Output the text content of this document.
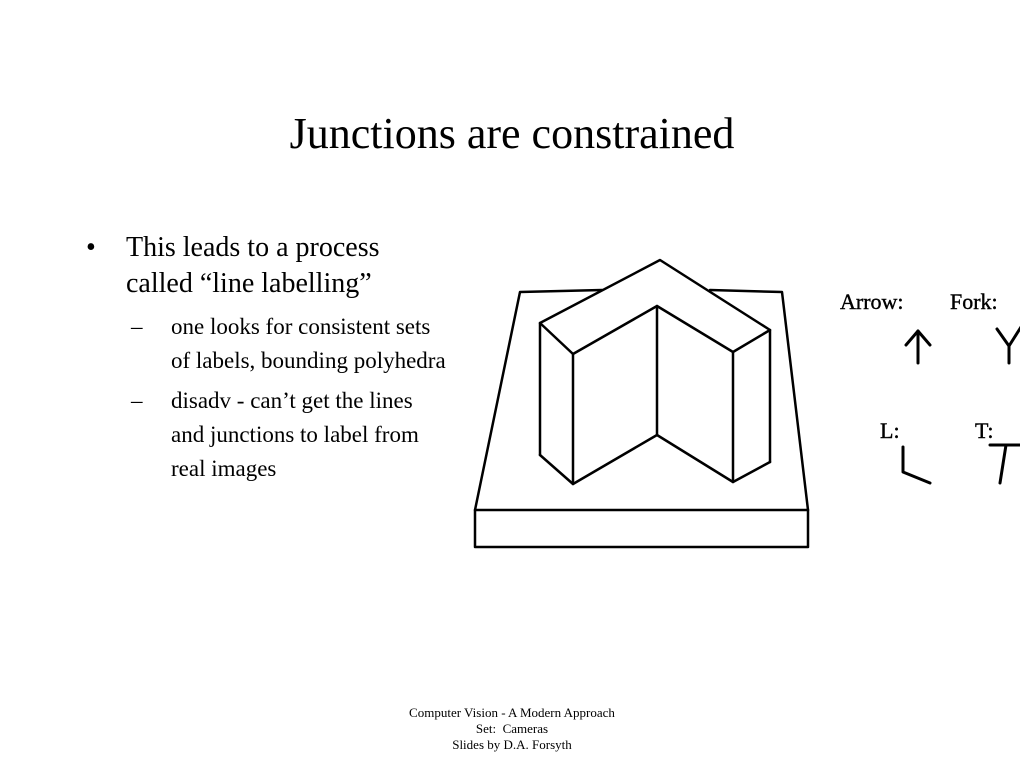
Junctions are constrained
•	This leads to a process called “line labelling”
– one looks for consistent sets of labels, bounding polyhedra
– disadv - can’t get the lines and junctions to label from real images
Arrow: Fork:
L:	T:
Computer Vision - A Modern Approach
Set:  Cameras
Slides by D.A. Forsyth
